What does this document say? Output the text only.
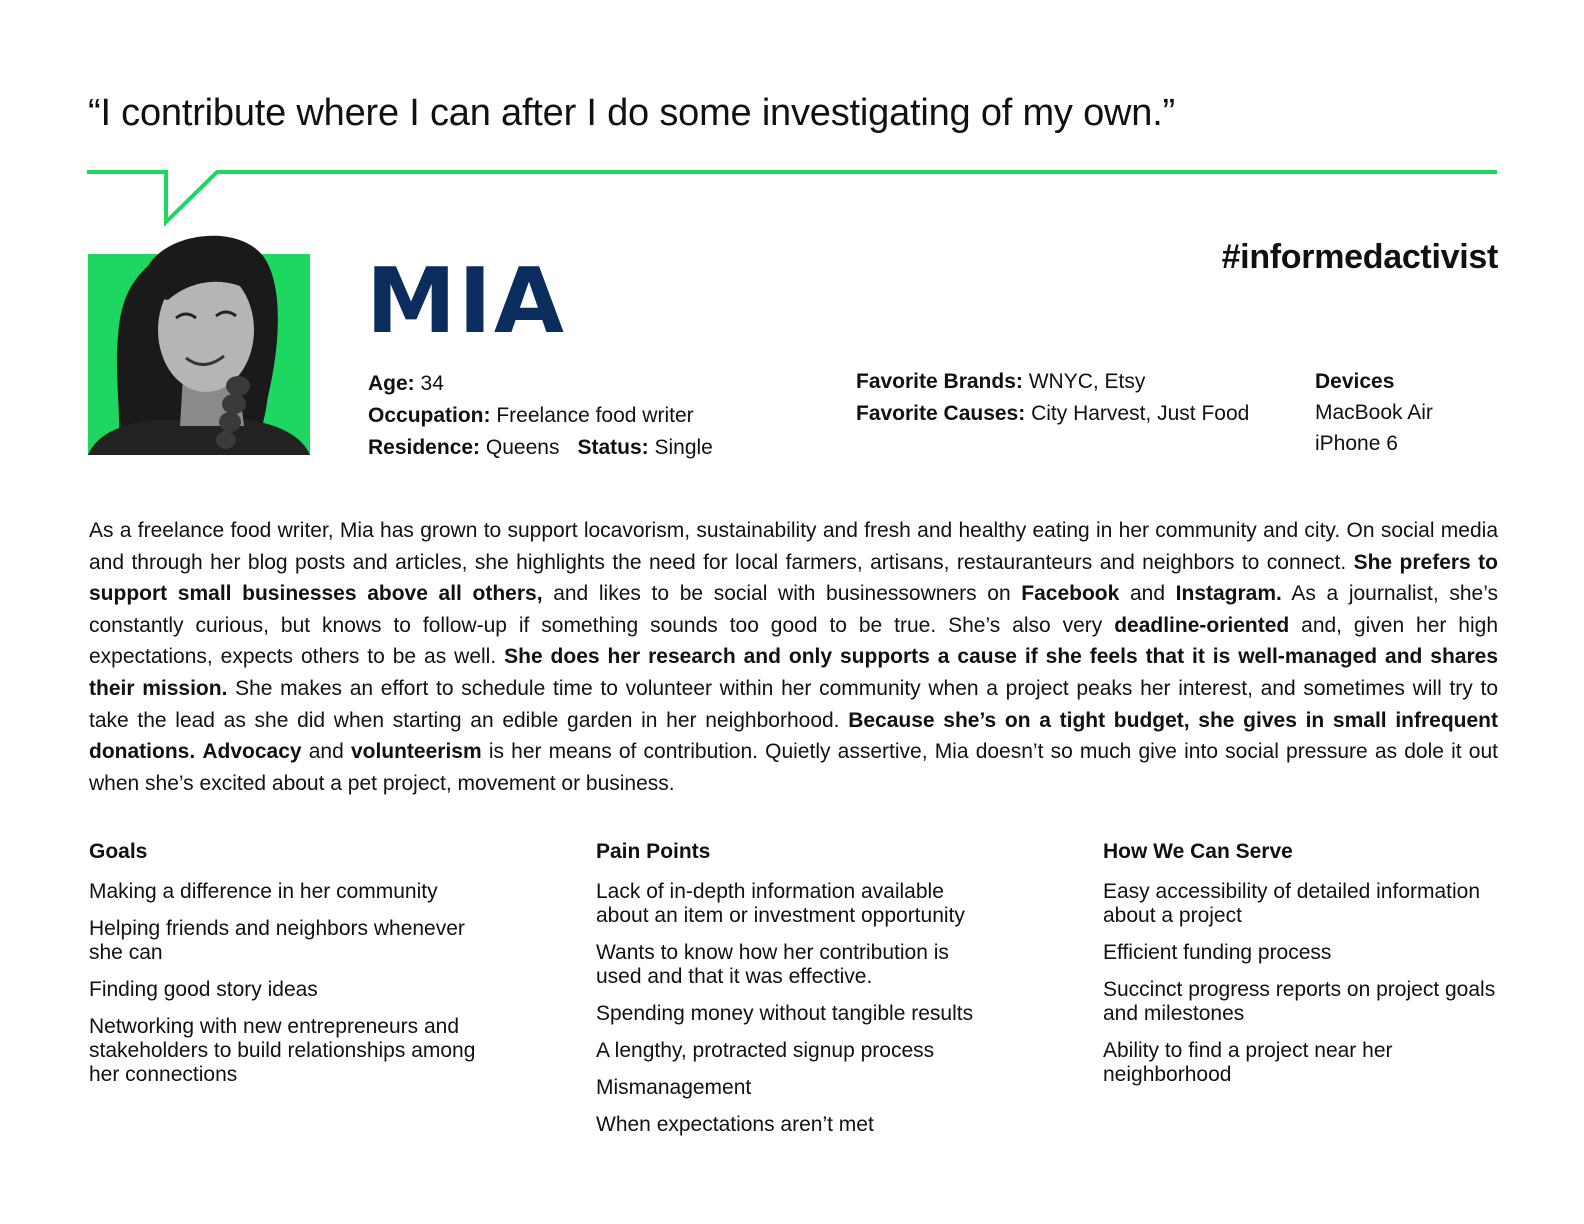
“I contribute where I can after I do some investigating of my own.”
MIA	#informedactivist

Age: 34
Occupation: Freelance food writer
Residence: Queens Status: Single
Favorite Brands: WNYC, Etsy
Favorite Causes: City Harvest, Just Food
Devices
MacBook Air
iPhone 6

As a freelance food writer, Mia has grown to support locavorism, sustainability and fresh and healthy eating in her community and city. On social media and through her blog posts and articles, she highlights the need for local farmers, artisans, restauranteurs and neighbors to connect. She prefers to support small businesses above all others, and likes to be social with businessowners on Facebook and Instagram. As a journalist, she’s constantly curious, but knows to follow-up if something sounds too good to be true. She’s also very deadline-oriented and, given her high expectations, expects others to be as well. She does her research and only supports a cause if she feels that it is well-managed and shares their mission. She makes an effort to schedule time to volunteer within her community when a project peaks her interest, and sometimes will try to take the lead as she did when starting an edible garden in her neighborhood. Because she’s on a tight budget, she gives in small infrequent donations. Advocacy and volunteerism is her means of contribution. Quietly assertive, Mia doesn’t so much give into social pressure as dole it out when she’s excited about a pet project, movement or business.

Goals
Making a difference in her community
Helping friends and neighbors whenever she can
Finding good story ideas
Networking with new entrepreneurs and stakeholders to build relationships among her connections
Pain Points
Lack of in-depth information available about an item or investment opportunity
Wants to know how her contribution is used and that it was effective.
Spending money without tangible results
A lengthy, protracted signup process
Mismanagement
When expectations aren’t met
How We Can Serve
Easy accessibility of detailed information about a project
Efficient funding process
Succinct progress reports on project goals and milestones
Ability to find a project near her neighborhood
